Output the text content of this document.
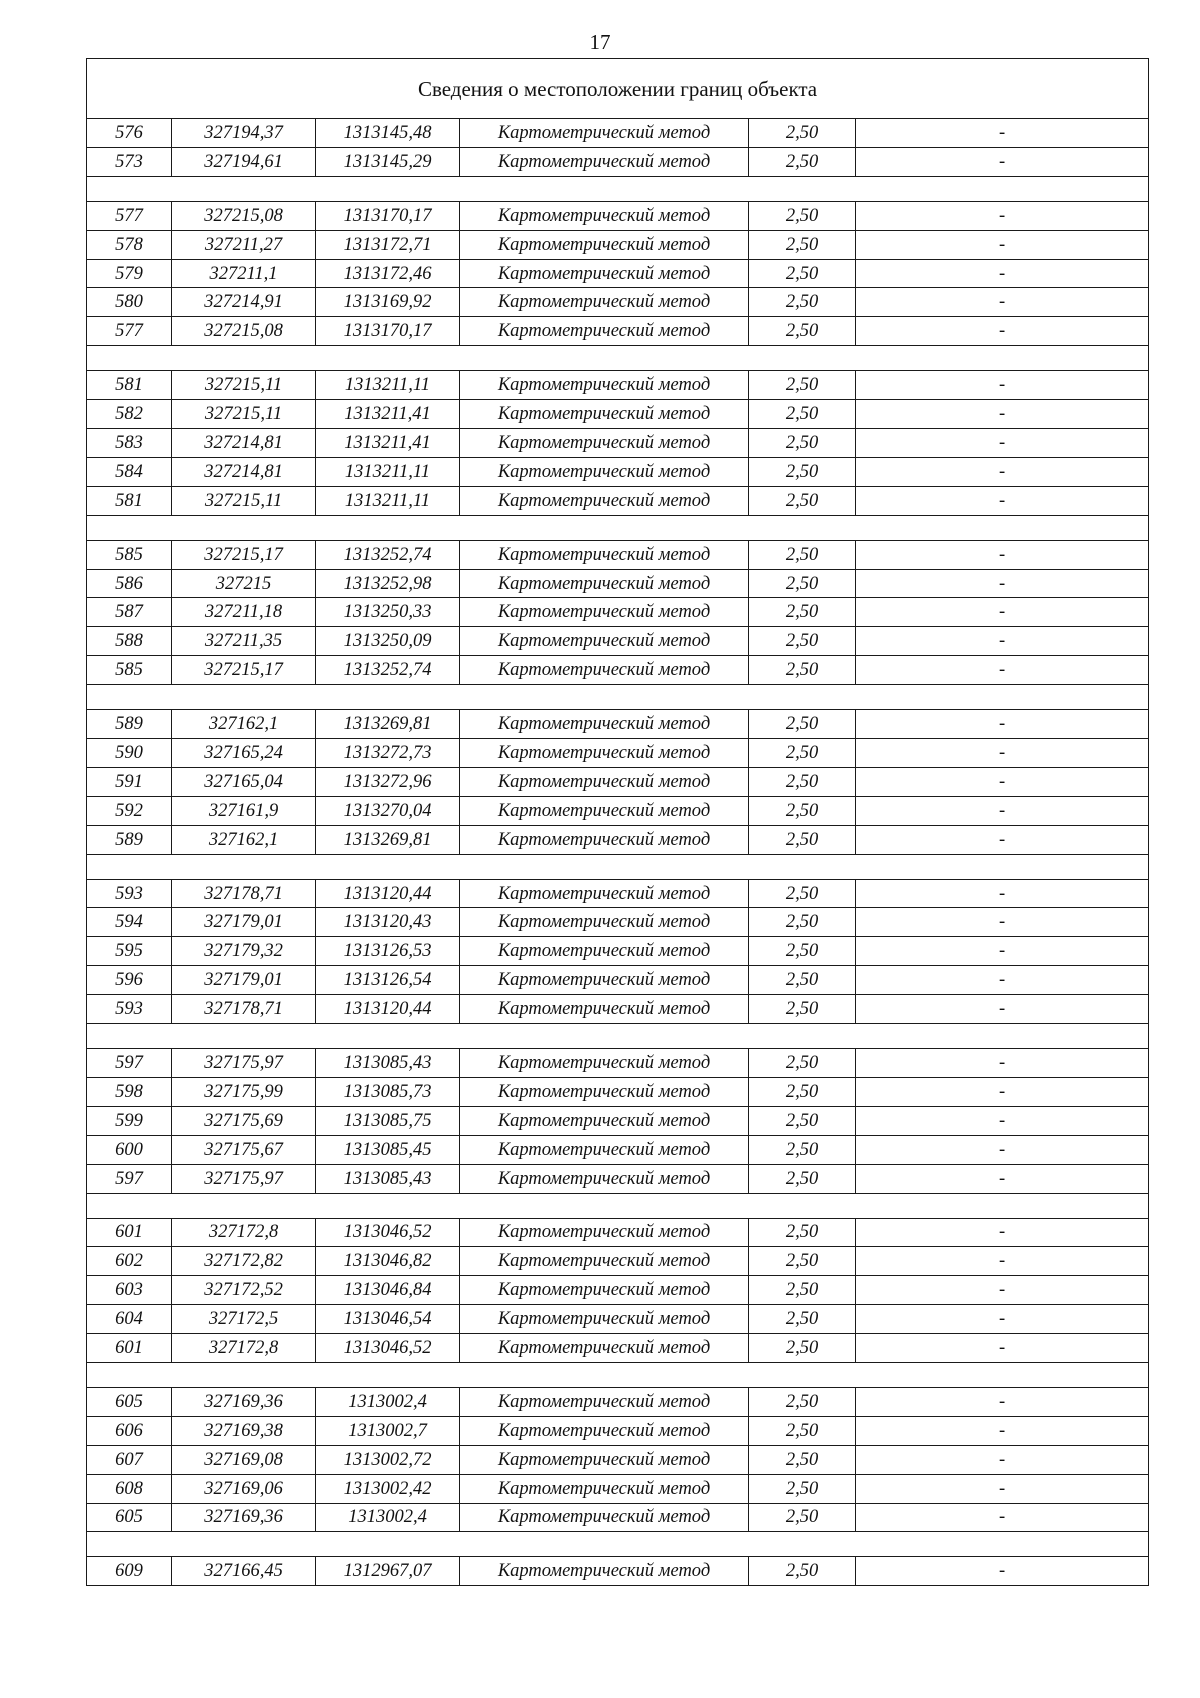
17
Сведения о местоположении границ объекта					
576	327194,37	1313145,48	Картометрический метод	2,50	-
573	327194,61	1313145,29	Картометрический метод	2,50	-

577	327215,08	1313170,17	Картометрический метод	2,50	-
578	327211,27	1313172,71	Картометрический метод	2,50	-
579	327211,1	1313172,46	Картометрический метод	2,50	-
580	327214,91	1313169,92	Картометрический метод	2,50	-
577	327215,08	1313170,17	Картометрический метод	2,50	-

581	327215,11	1313211,11	Картометрический метод	2,50	-
582	327215,11	1313211,41	Картометрический метод	2,50	-
583	327214,81	1313211,41	Картометрический метод	2,50	-
584	327214,81	1313211,11	Картометрический метод	2,50	-
581	327215,11	1313211,11	Картометрический метод	2,50	-

585	327215,17	1313252,74	Картометрический метод	2,50	-
586	327215	1313252,98	Картометрический метод	2,50	-
587	327211,18	1313250,33	Картометрический метод	2,50	-
588	327211,35	1313250,09	Картометрический метод	2,50	-
585	327215,17	1313252,74	Картометрический метод	2,50	-

589	327162,1	1313269,81	Картометрический метод	2,50	-
590	327165,24	1313272,73	Картометрический метод	2,50	-
591	327165,04	1313272,96	Картометрический метод	2,50	-
592	327161,9	1313270,04	Картометрический метод	2,50	-
589	327162,1	1313269,81	Картометрический метод	2,50	-

593	327178,71	1313120,44	Картометрический метод	2,50	-
594	327179,01	1313120,43	Картометрический метод	2,50	-
595	327179,32	1313126,53	Картометрический метод	2,50	-
596	327179,01	1313126,54	Картометрический метод	2,50	-
593	327178,71	1313120,44	Картометрический метод	2,50	-

597	327175,97	1313085,43	Картометрический метод	2,50	-
598	327175,99	1313085,73	Картометрический метод	2,50	-
599	327175,69	1313085,75	Картометрический метод	2,50	-
600	327175,67	1313085,45	Картометрический метод	2,50	-
597	327175,97	1313085,43	Картометрический метод	2,50	-

601	327172,8	1313046,52	Картометрический метод	2,50	-
602	327172,82	1313046,82	Картометрический метод	2,50	-
603	327172,52	1313046,84	Картометрический метод	2,50	-
604	327172,5	1313046,54	Картометрический метод	2,50	-
601	327172,8	1313046,52	Картометрический метод	2,50	-

605	327169,36	1313002,4	Картометрический метод	2,50	-
606	327169,38	1313002,7	Картометрический метод	2,50	-
607	327169,08	1313002,72	Картометрический метод	2,50	-
608	327169,06	1313002,42	Картометрический метод	2,50	-
605	327169,36	1313002,4	Картометрический метод	2,50	-

609	327166,45	1312967,07	Картометрический метод	2,50	-
